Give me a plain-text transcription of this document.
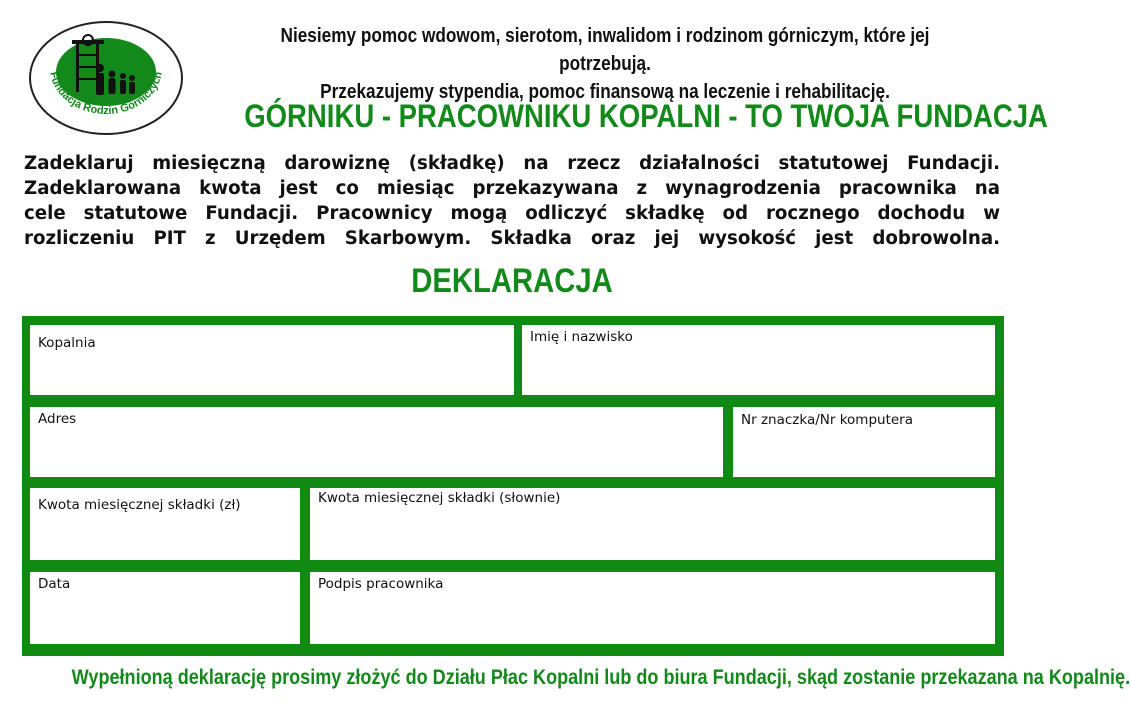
Fundacja Rodzin Górniczych
Niesiemy pomoc wdowom, sierotom, inwalidom i rodzinom górniczym, które jej potrzebują.
Przekazujemy stypendia, pomoc finansową na leczenie i rehabilitację.
GÓRNIKU - PRACOWNIKU KOPALNI - TO TWOJA FUNDACJA
Zadeklaruj miesięczną darowiznę (składkę) na rzecz działalności statutowej Fundacji.
Zadeklarowana kwota jest co miesiąc przekazywana z wynagrodzenia pracownika na
cele statutowe Fundacji. Pracownicy mogą odliczyć składkę od rocznego dochodu w
rozliczeniu PIT z Urzędem Skarbowym. Składka oraz jej wysokość jest dobrowolna.
DEKLARACJA
Kopalnia	Imię i nazwisko
Adres	Nr znaczka/Nr komputera
Kwota miesięcznej składki (zł)	Kwota miesięcznej składki (słownie)
Data	Podpis pracownika
Wypełnioną deklarację prosimy złożyć do Działu Płac Kopalni lub do biura Fundacji, skąd zostanie przekazana na Kopalnię.
